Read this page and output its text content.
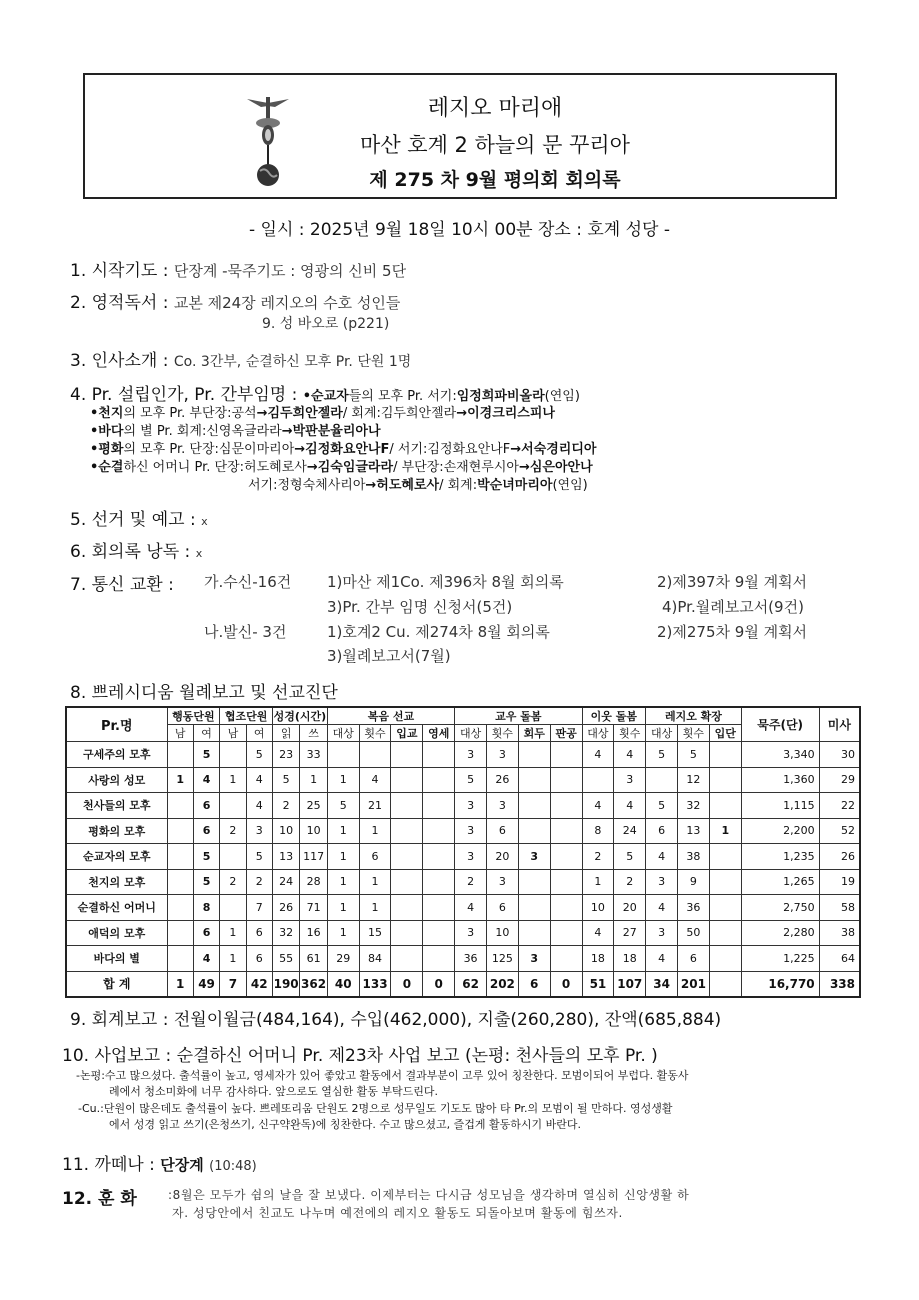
레지오 마리애
마산 호계 2 하늘의 문 꾸리아
제 275 차 9월 평의회 회의록
- 일시 : 2025년 9월 18일 10시 00분 장소 : 호계 성당 -
1. 시작기도 : 단장계 -묵주기도 : 영광의 신비 5단
2. 영적독서 : 교본 제24장 레지오의 수호 성인들
9. 성 바오로 (p221)
3. 인사소개 : Co. 3간부, 순결하신 모후 Pr. 단원 1명
4. Pr. 설립인가, Pr. 간부임명 : •순교자들의 모후 Pr. 서기:임정희파비올라(연임)
•천지의 모후 Pr. 부단장:공석→김두희안젤라/ 회계:김두희안젤라→이경크리스피나
•바다의 별 Pr. 회계:신영옥글라라→박판분율리아나
•평화의 모후 Pr. 단장:심문이마리아→김정화요안나F/ 서기:김정화요안나F→서숙경리디아
•순결하신 어머니 Pr. 단장:허도혜로사→김숙임글라라/ 부단장:손재현루시아→심은아안나
서기:정형숙체사리아→허도혜로사/ 회계:박순녀마리아(연임)
5. 선거 및 예고 : x
6. 회의록 낭독 : x
7. 통신 교환 : 가.수신-16건 1)마산 제1Co. 제396차 8월 회의록	2)제397차 9월 계획서
3)Pr. 간부 임명 신청서(5건)	4)Pr.월례보고서(9건)
나.발신- 3건	1)호계2 Cu. 제274차 8월 회의록	2)제275차 9월 계획서
3)월례보고서(7월)
8. 쁘레시디움 월례보고 및 선교진단
Pr.명	행동단원		협조단원		성경(시간)		복음 선교				교우 돌봄				이웃 돌봄		레지오 확장			묵주(단)	미사
	남	여	남	여	읽	쓰	대상	횟수	입교	영세	대상	횟수	회두	판공	대상	횟수	대상	횟수	입단		
구세주의 모후		5		5	23	33					3	3			4	4	5	5		3,340	30
사랑의 성모	1	4	1	4	5	1	1	4			5	26				3		12		1,360	29
천사들의 모후		6		4	2	25	5	21			3	3			4	4	5	32		1,115	22
평화의 모후		6	2	3	10	10	1	1			3	6			8	24	6	13	1	2,200	52
순교자의 모후		5		5	13	117	1	6			3	20	3		2	5	4	38		1,235	26
천지의 모후		5	2	2	24	28	1	1			2	3			1	2	3	9		1,265	19
순결하신 어머니		8		7	26	71	1	1			4	6			10	20	4	36		2,750	58
애덕의 모후		6	1	6	32	16	1	15			3	10			4	27	3	50		2,280	38
바다의 별		4	1	6	55	61	29	84			36	125	3		18	18	4	6		1,225	64
합 계	1	49	7	42	190	362	40	133	0	0	62	202	6	0	51	107	34	201		16,770	338
9. 회계보고 : 전월이월금(484,164), 수입(462,000), 지출(260,280), 잔액(685,884)
10. 사업보고 : 순결하신 어머니 Pr. 제23차 사업 보고 (논평: 천사들의 모후 Pr. )
-논평:수고 많으셨다. 출석률이 높고, 영세자가 있어 좋았고 활동에서 결과부분이 고루 있어 칭찬한다. 모범이되어 부럽다. 활동사
례에서 청소미화에 너무 감사하다. 앞으로도 열심한 활동 부탁드린다.
-Cu.:단원이 많은데도 출석률이 높다. 쁘레또리움 단원도 2명으로 성무일도 기도도 많아 타 Pr.의 모범이 될 만하다. 영성생활
에서 성경 읽고 쓰기(은청쓰기, 신구약완독)에 칭찬한다. 수고 많으셨고, 즐겁게 활동하시기 바란다.
11. 까떼나 : 단장계 (10:48)
12. 훈 화	:8월은 모두가 쉼의 날을 잘 보냈다. 이제부터는 다시금 성모님을 생각하며 열심히 신앙생활 하
자. 성당안에서 친교도 나누며 예전에의 레지오 활동도 되돌아보며 활동에 힘쓰자.
